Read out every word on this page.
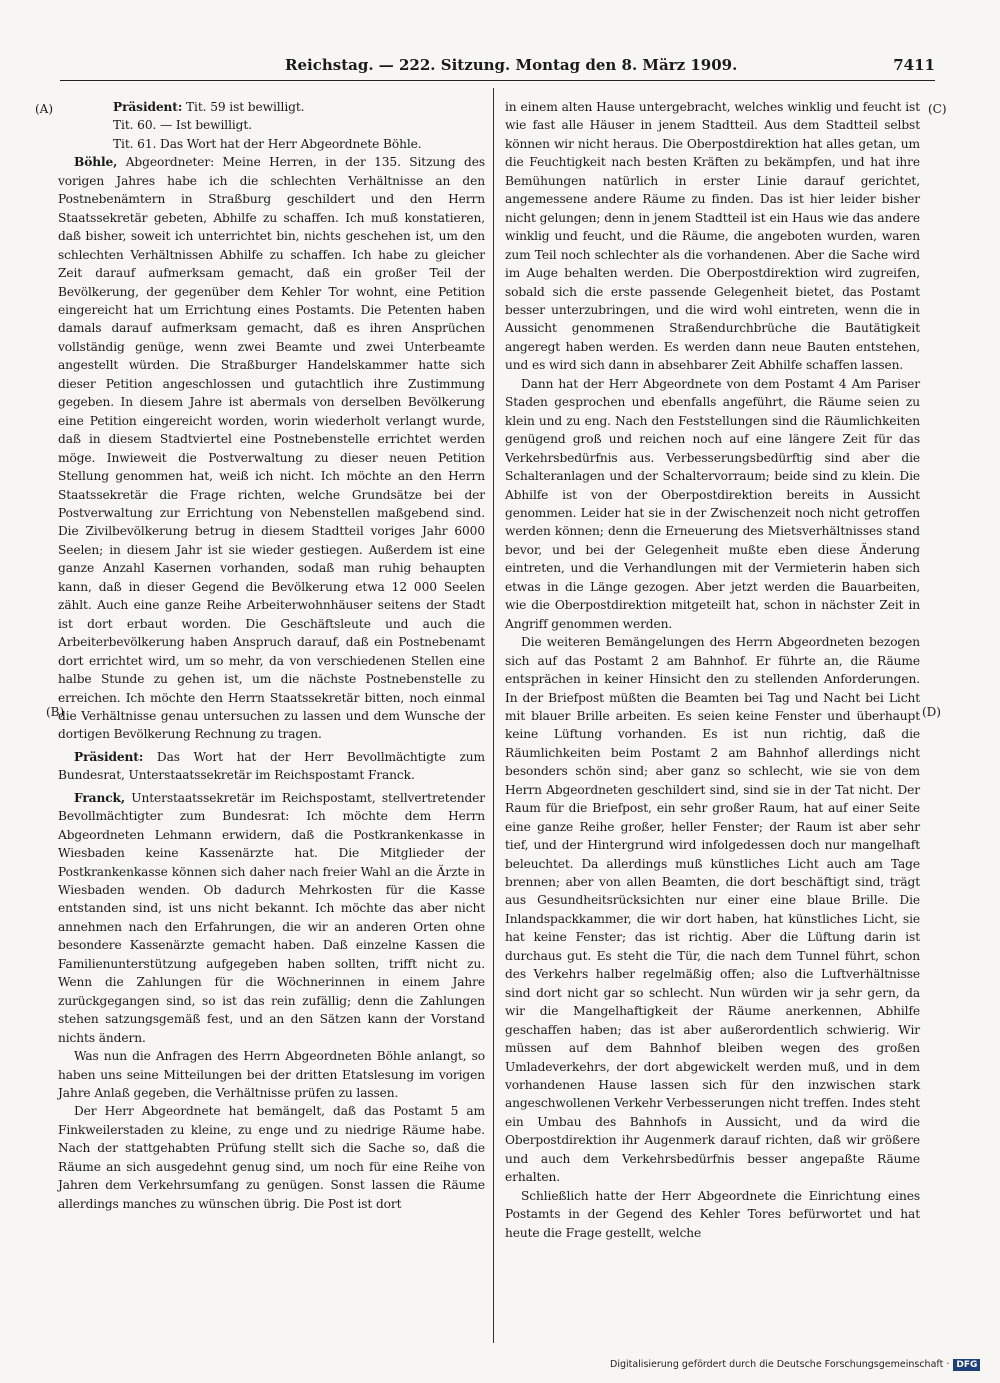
Reichstag. — 222. Sitzung. Montag den 8. März 1909.	7411
(A)
(B)
(C)
(D)

Präsident: Tit. 59 ist bewilligt.

Tit. 60. — Ist bewilligt.

Tit. 61. Das Wort hat der Herr Abgeordnete Böhle.

Böhle, Abgeordneter: Meine Herren, in der 135. Sitzung des vorigen Jahres habe ich die schlechten Verhältnisse an den Postnebenämtern in Straßburg geschildert und den Herrn Staatssekretär gebeten, Abhilfe zu schaffen. Ich muß konstatieren, daß bisher, soweit ich unterrichtet bin, nichts geschehen ist, um den schlechten Verhältnissen Abhilfe zu schaffen. Ich habe zu gleicher Zeit darauf aufmerksam gemacht, daß ein großer Teil der Bevölkerung, der gegenüber dem Kehler Tor wohnt, eine Petition eingereicht hat um Errichtung eines Postamts. Die Petenten haben damals darauf aufmerksam gemacht, daß es ihren Ansprüchen vollständig genüge, wenn zwei Beamte und zwei Unterbeamte angestellt würden. Die Straßburger Handelskammer hatte sich dieser Petition angeschlossen und gutachtlich ihre Zustimmung gegeben. In diesem Jahre ist abermals von derselben Bevölkerung eine Petition eingereicht worden, worin wiederholt verlangt wurde, daß in diesem Stadtviertel eine Postnebenstelle errichtet werden möge. Inwieweit die Postverwaltung zu dieser neuen Petition Stellung genommen hat, weiß ich nicht. Ich möchte an den Herrn Staatssekretär die Frage richten, welche Grundsätze bei der Postverwaltung zur Errichtung von Nebenstellen maßgebend sind. Die Zivilbevölkerung betrug in diesem Stadtteil voriges Jahr 6000 Seelen; in diesem Jahr ist sie wieder gestiegen. Außerdem ist eine ganze Anzahl Kasernen vorhanden, sodaß man ruhig behaupten kann, daß in dieser Gegend die Bevölkerung etwa 12 000 Seelen zählt. Auch eine ganze Reihe Arbeiterwohnhäuser seitens der Stadt ist dort erbaut worden. Die Geschäftsleute und auch die Arbeiterbevölkerung haben Anspruch darauf, daß ein Postnebenamt dort errichtet wird, um so mehr, da von verschiedenen Stellen eine halbe Stunde zu gehen ist, um die nächste Postnebenstelle zu erreichen. Ich möchte den Herrn Staatssekretär bitten, noch einmal die Verhältnisse genau untersuchen zu lassen und dem Wunsche der dortigen Bevölkerung Rechnung zu tragen.

Präsident: Das Wort hat der Herr Bevollmächtigte zum Bundesrat, Unterstaatssekretär im Reichspostamt Franck.

Franck, Unterstaatssekretär im Reichspostamt, stellvertretender Bevollmächtigter zum Bundesrat: Ich möchte dem Herrn Abgeordneten Lehmann erwidern, daß die Postkrankenkasse in Wiesbaden keine Kassenärzte hat. Die Mitglieder der Postkrankenkasse können sich daher nach freier Wahl an die Ärzte in Wiesbaden wenden. Ob dadurch Mehrkosten für die Kasse entstanden sind, ist uns nicht bekannt. Ich möchte das aber nicht annehmen nach den Erfahrungen, die wir an anderen Orten ohne besondere Kassenärzte gemacht haben. Daß einzelne Kassen die Familienunterstützung aufgegeben haben sollten, trifft nicht zu. Wenn die Zahlungen für die Wöchnerinnen in einem Jahre zurückgegangen sind, so ist das rein zufällig; denn die Zahlungen stehen satzungsgemäß fest, und an den Sätzen kann der Vorstand nichts ändern.

Was nun die Anfragen des Herrn Abgeordneten Böhle anlangt, so haben uns seine Mitteilungen bei der dritten Etatslesung im vorigen Jahre Anlaß gegeben, die Verhältnisse prüfen zu lassen.

Der Herr Abgeordnete hat bemängelt, daß das Postamt 5 am Finkweilerstaden zu kleine, zu enge und zu niedrige Räume habe. Nach der stattgehabten Prüfung stellt sich die Sache so, daß die Räume an sich ausgedehnt genug sind, um noch für eine Reihe von Jahren dem Verkehrsumfang zu genügen. Sonst lassen die Räume allerdings manches zu wünschen übrig. Die Post ist dort

in einem alten Hause untergebracht, welches winklig und feucht ist wie fast alle Häuser in jenem Stadtteil. Aus dem Stadtteil selbst können wir nicht heraus. Die Oberpostdirektion hat alles getan, um die Feuchtigkeit nach besten Kräften zu bekämpfen, und hat ihre Bemühungen natürlich in erster Linie darauf gerichtet, angemessene andere Räume zu finden. Das ist hier leider bisher nicht gelungen; denn in jenem Stadtteil ist ein Haus wie das andere winklig und feucht, und die Räume, die angeboten wurden, waren zum Teil noch schlechter als die vorhandenen. Aber die Sache wird im Auge behalten werden. Die Oberpostdirektion wird zugreifen, sobald sich die erste passende Gelegenheit bietet, das Postamt besser unterzubringen, und die wird wohl eintreten, wenn die in Aussicht genommenen Straßendurchbrüche die Bautätigkeit angeregt haben werden. Es werden dann neue Bauten entstehen, und es wird sich dann in absehbarer Zeit Abhilfe schaffen lassen.

Dann hat der Herr Abgeordnete von dem Postamt 4 Am Pariser Staden gesprochen und ebenfalls angeführt, die Räume seien zu klein und zu eng. Nach den Feststellungen sind die Räumlichkeiten genügend groß und reichen noch auf eine längere Zeit für das Verkehrsbedürfnis aus. Verbesserungsbedürftig sind aber die Schalteranlagen und der Schaltervorraum; beide sind zu klein. Die Abhilfe ist von der Oberpostdirektion bereits in Aussicht genommen. Leider hat sie in der Zwischenzeit noch nicht getroffen werden können; denn die Erneuerung des Mietsverhältnisses stand bevor, und bei der Gelegenheit mußte eben diese Änderung eintreten, und die Verhandlungen mit der Vermieterin haben sich etwas in die Länge gezogen. Aber jetzt werden die Bauarbeiten, wie die Oberpostdirektion mitgeteilt hat, schon in nächster Zeit in Angriff genommen werden.

Die weiteren Bemängelungen des Herrn Abgeordneten bezogen sich auf das Postamt 2 am Bahnhof. Er führte an, die Räume entsprächen in keiner Hinsicht den zu stellenden Anforderungen. In der Briefpost müßten die Beamten bei Tag und Nacht bei Licht mit blauer Brille arbeiten. Es seien keine Fenster und überhaupt keine Lüftung vorhanden. Es ist nun richtig, daß die Räumlichkeiten beim Postamt 2 am Bahnhof allerdings nicht besonders schön sind; aber ganz so schlecht, wie sie von dem Herrn Abgeordneten geschildert sind, sind sie in der Tat nicht. Der Raum für die Briefpost, ein sehr großer Raum, hat auf einer Seite eine ganze Reihe großer, heller Fenster; der Raum ist aber sehr tief, und der Hintergrund wird infolgedessen doch nur mangelhaft beleuchtet. Da allerdings muß künstliches Licht auch am Tage brennen; aber von allen Beamten, die dort beschäftigt sind, trägt aus Gesundheitsrücksichten nur einer eine blaue Brille. Die Inlandspackkammer, die wir dort haben, hat künstliches Licht, sie hat keine Fenster; das ist richtig. Aber die Lüftung darin ist durchaus gut. Es steht die Tür, die nach dem Tunnel führt, schon des Verkehrs halber regelmäßig offen; also die Luftverhältnisse sind dort nicht gar so schlecht. Nun würden wir ja sehr gern, da wir die Mangelhaftigkeit der Räume anerkennen, Abhilfe geschaffen haben; das ist aber außerordentlich schwierig. Wir müssen auf dem Bahnhof bleiben wegen des großen Umladeverkehrs, der dort abgewickelt werden muß, und in dem vorhandenen Hause lassen sich für den inzwischen stark angeschwollenen Verkehr Verbesserungen nicht treffen. Indes steht ein Umbau des Bahnhofs in Aussicht, und da wird die Oberpostdirektion ihr Augenmerk darauf richten, daß wir größere und auch dem Verkehrsbedürfnis besser angepaßte Räume erhalten.

Schließlich hatte der Herr Abgeordnete die Einrichtung eines Postamts in der Gegend des Kehler Tores befürwortet und hat heute die Frage gestellt, welche

Digitalisierung gefördert durch die Deutsche Forschungsgemeinschaft · DFG
